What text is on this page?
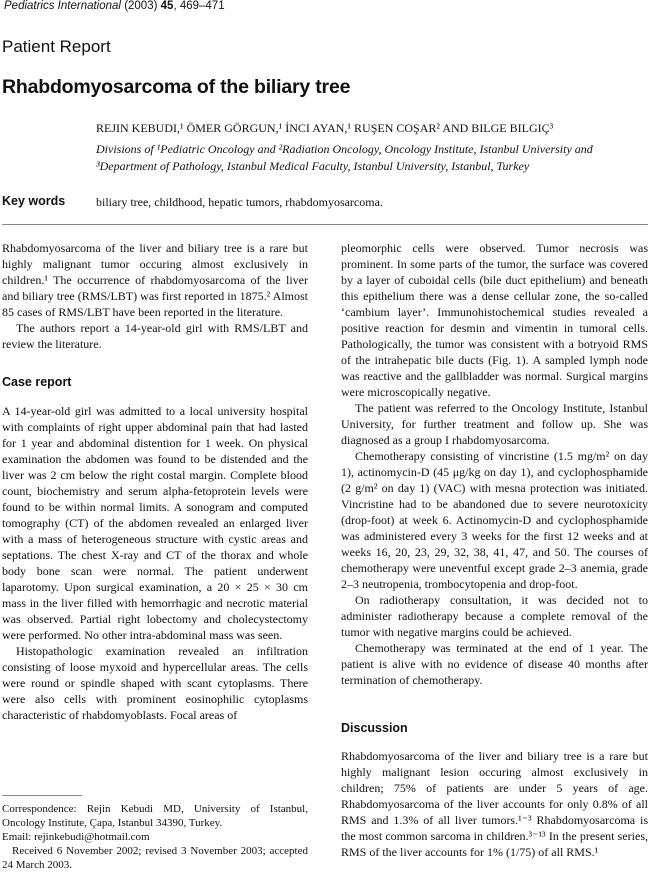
Pediatrics International (2003) 45, 469–471
Patient Report
Rhabdomyosarcoma of the biliary tree
REJIN KEBUDI,¹ ÖMER GÖRGUN,¹ İNCI AYAN,¹ RUŞEN COŞAR² AND BILGE BILGIÇ³
Divisions of ¹Pediatric Oncology and ²Radiation Oncology, Oncology Institute, Istanbul University and
³Department of Pathology, Istanbul Medical Faculty, Istanbul University, Istanbul, Turkey
Key words	biliary tree, childhood, hepatic tumors, rhabdomyosarcoma.

Rhabdomyosarcoma of the liver and biliary tree is a rare but highly malignant tumor occuring almost exclusively in children.¹ The occurrence of rhabdomyosarcoma of the liver and biliary tree (RMS/LBT) was first reported in 1875.² Almost 85 cases of RMS/LBT have been reported in the literature.

The authors report a 14-year-old girl with RMS/LBT and review the literature.

Case report

A 14-year-old girl was admitted to a local university hospital with complaints of right upper abdominal pain that had lasted for 1 year and abdominal distention for 1 week. On physical examination the abdomen was found to be distended and the liver was 2 cm below the right costal margin. Complete blood count, biochemistry and serum alpha-fetoprotein levels were found to be within normal limits. A sonogram and computed tomography (CT) of the abdomen revealed an enlarged liver with a mass of heterogeneous structure with cystic areas and septations. The chest X-ray and CT of the thorax and whole body bone scan were normal. The patient underwent laparotomy. Upon surgical examination, a 20 × 25 × 30 cm mass in the liver filled with hemorrhagic and necrotic material was observed. Partial right lobectomy and cholecystectomy were performed. No other intra-abdominal mass was seen.

Histopathologic examination revealed an infiltration consisting of loose myxoid and hypercellular areas. The cells were round or spindle shaped with scant cytoplasms. There were also cells with prominent eosinophilic cytoplasms characteristic of rhabdomyoblasts. Focal areas of

Correspondence: Rejin Kebudi MD, University of Istanbul, Oncology Institute, Çapa, Istanbul 34390, Turkey.

Email: rejinkebudi@hotmail.com

Received 6 November 2002; revised 3 November 2003; accepted 24 March 2003.

pleomorphic cells were observed. Tumor necrosis was prominent. In some parts of the tumor, the surface was covered by a layer of cuboidal cells (bile duct epithelium) and beneath this epithelium there was a dense cellular zone, the so-called ‘cambium layer’. Immunohistochemical studies revealed a positive reaction for desmin and vimentin in tumoral cells. Pathologically, the tumor was consistent with a botryoid RMS of the intrahepatic bile ducts (Fig. 1). A sampled lymph node was reactive and the gallbladder was normal. Surgical margins were microscopically negative.

The patient was referred to the Oncology Institute, Istanbul University, for further treatment and follow up. She was diagnosed as a group I rhabdomyosarcoma.

Chemotherapy consisting of vincristine (1.5 mg/m² on day 1), actinomycin-D (45 μg/kg on day 1), and cyclophosphamide (2 g/m² on day 1) (VAC) with mesna protection was initiated. Vincristine had to be abandoned due to severe neurotoxicity (drop-foot) at week 6. Actinomycin-D and cyclophosphamide was administered every 3 weeks for the first 12 weeks and at weeks 16, 20, 23, 29, 32, 38, 41, 47, and 50. The courses of chemotherapy were uneventful except grade 2–3 anemia, grade 2–3 neutropenia, trombocytopenia and drop-foot.

On radiotherapy consultation, it was decided not to administer radiotherapy because a complete removal of the tumor with negative margins could be achieved.

Chemotherapy was terminated at the end of 1 year. The patient is alive with no evidence of disease 40 months after termination of chemotherapy.

Discussion

Rhabdomyosarcoma of the liver and biliary tree is a rare but highly malignant lesion occuring almost exclusively in children; 75% of patients are under 5 years of age. Rhabdomyosarcoma of the liver accounts for only 0.8% of all RMS and 1.3% of all liver tumors.¹⁻³ Rhabdomyosarcoma is the most common sarcoma in children.³⁻¹³ In the present series, RMS of the liver accounts for 1% (1/75) of all RMS.¹
